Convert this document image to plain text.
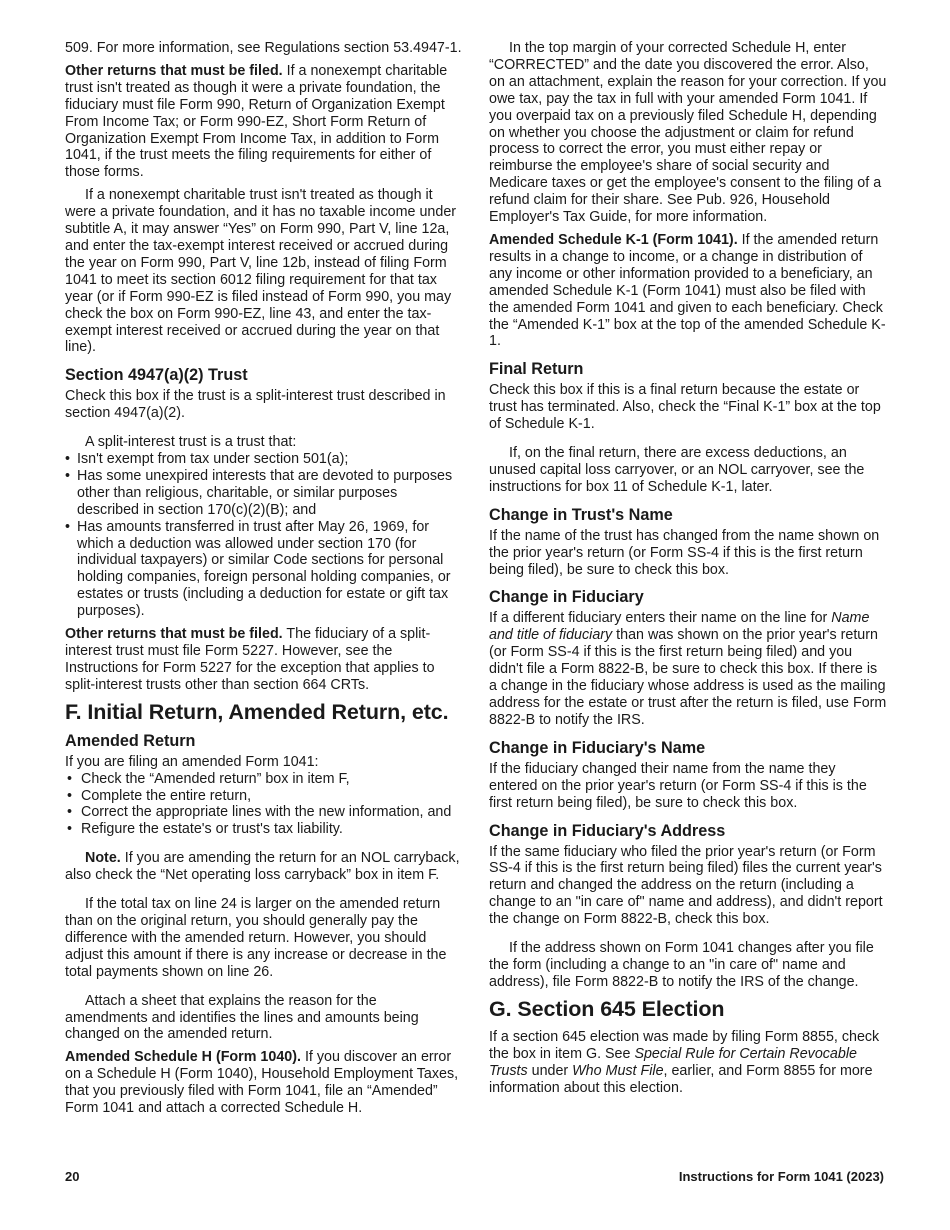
509. For more information, see Regulations section 53.4947-1.

Other returns that must be filed. If a nonexempt charitable trust isn't treated as though it were a private foundation, the fiduciary must file Form 990, Return of Organization Exempt From Income Tax; or Form 990-EZ, Short Form Return of Organization Exempt From Income Tax, in addition to Form 1041, if the trust meets the filing requirements for either of those forms.

If a nonexempt charitable trust isn't treated as though it were a private foundation, and it has no taxable income under subtitle A, it may answer “Yes” on Form 990, Part V, line 12a, and enter the tax-exempt interest received or accrued during the year on Form 990, Part V, line 12b, instead of filing Form 1041 to meet its section 6012 filing requirement for that tax year (or if Form 990-EZ is filed instead of Form 990, you may check the box on Form 990-EZ, line 43, and enter the tax-exempt interest received or accrued during the year on that line).

Section 4947(a)(2) Trust

Check this box if the trust is a split-interest trust described in section 4947(a)(2).

A split-interest trust is a trust that:

• Isn't exempt from tax under section 501(a);
• Has some unexpired interests that are devoted to purposes other than religious, charitable, or similar purposes described in section 170(c)(2)(B); and
• Has amounts transferred in trust after May 26, 1969, for which a deduction was allowed under section 170 (for individual taxpayers) or similar Code sections for personal holding companies, foreign personal holding companies, or estates or trusts (including a deduction for estate or gift tax purposes).

Other returns that must be filed. The fiduciary of a split-interest trust must file Form 5227. However, see the Instructions for Form 5227 for the exception that applies to split-interest trusts other than section 664 CRTs.

F. Initial Return, Amended Return, etc.
Amended Return

If you are filing an amended Form 1041:

• Check the “Amended return” box in item F,
• Complete the entire return,
• Correct the appropriate lines with the new information, and
• Refigure the estate's or trust's tax liability.

Note. If you are amending the return for an NOL carryback, also check the “Net operating loss carryback” box in item F.

If the total tax on line 24 is larger on the amended return than on the original return, you should generally pay the difference with the amended return. However, you should adjust this amount if there is any increase or decrease in the total payments shown on line 26.

Attach a sheet that explains the reason for the amendments and identifies the lines and amounts being changed on the amended return.

Amended Schedule H (Form 1040). If you discover an error on a Schedule H (Form 1040), Household Employment Taxes, that you previously filed with Form 1041, file an “Amended” Form 1041 and attach a corrected Schedule H.

In the top margin of your corrected Schedule H, enter “CORRECTED” and the date you discovered the error. Also, on an attachment, explain the reason for your correction. If you owe tax, pay the tax in full with your amended Form 1041. If you overpaid tax on a previously filed Schedule H, depending on whether you choose the adjustment or claim for refund process to correct the error, you must either repay or reimburse the employee's share of social security and Medicare taxes or get the employee's consent to the filing of a refund claim for their share. See Pub. 926, Household Employer's Tax Guide, for more information.

Amended Schedule K-1 (Form 1041). If the amended return results in a change to income, or a change in distribution of any income or other information provided to a beneficiary, an amended Schedule K-1 (Form 1041) must also be filed with the amended Form 1041 and given to each beneficiary. Check the “Amended K-1” box at the top of the amended Schedule K-1.

Final Return

Check this box if this is a final return because the estate or trust has terminated. Also, check the “Final K-1” box at the top of Schedule K-1.

If, on the final return, there are excess deductions, an unused capital loss carryover, or an NOL carryover, see the instructions for box 11 of Schedule K-1, later.

Change in Trust's Name

If the name of the trust has changed from the name shown on the prior year's return (or Form SS-4 if this is the first return being filed), be sure to check this box.

Change in Fiduciary

If a different fiduciary enters their name on the line for Name and title of fiduciary than was shown on the prior year's return (or Form SS-4 if this is the first return being filed) and you didn't file a Form 8822-B, be sure to check this box. If there is a change in the fiduciary whose address is used as the mailing address for the estate or trust after the return is filed, use Form 8822-B to notify the IRS.

Change in Fiduciary's Name

If the fiduciary changed their name from the name they entered on the prior year's return (or Form SS-4 if this is the first return being filed), be sure to check this box.

Change in Fiduciary's Address

If the same fiduciary who filed the prior year's return (or Form SS-4 if this is the first return being filed) files the current year's return and changed the address on the return (including a change to an "in care of" name and address), and didn't report the change on Form 8822-B, check this box.

If the address shown on Form 1041 changes after you file the form (including a change to an "in care of" name and address), file Form 8822-B to notify the IRS of the change.

G. Section 645 Election

If a section 645 election was made by filing Form 8855, check the box in item G. See Special Rule for Certain Revocable Trusts under Who Must File, earlier, and Form 8855 for more information about this election.

20	Instructions for Form 1041 (2023)
